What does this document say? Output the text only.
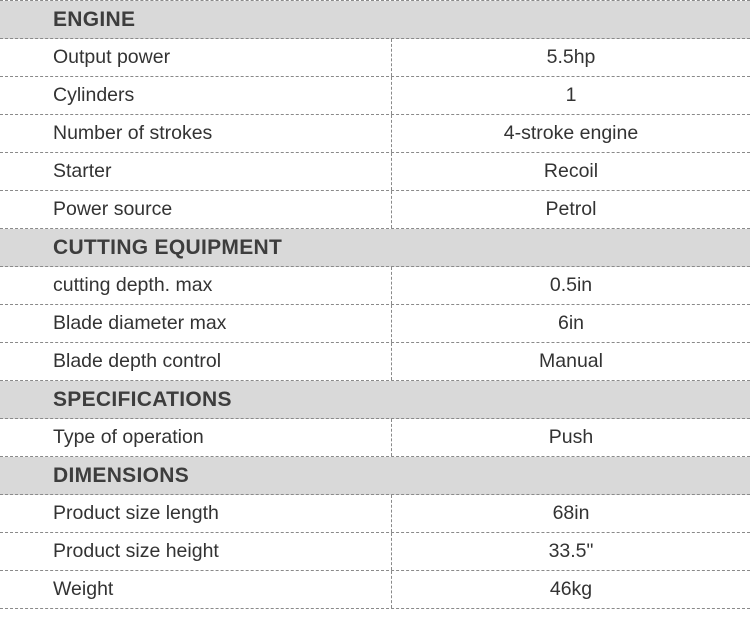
ENGINE
Output power	5.5hp
Cylinders	1
Number of strokes	4-stroke engine
Starter	Recoil
Power source	Petrol
CUTTING EQUIPMENT
cutting depth. max	0.5in
Blade diameter max	6in
Blade depth control	Manual
SPECIFICATIONS
Type of operation	Push
DIMENSIONS
Product size length	68in
Product size height	33.5"
Weight	46kg
